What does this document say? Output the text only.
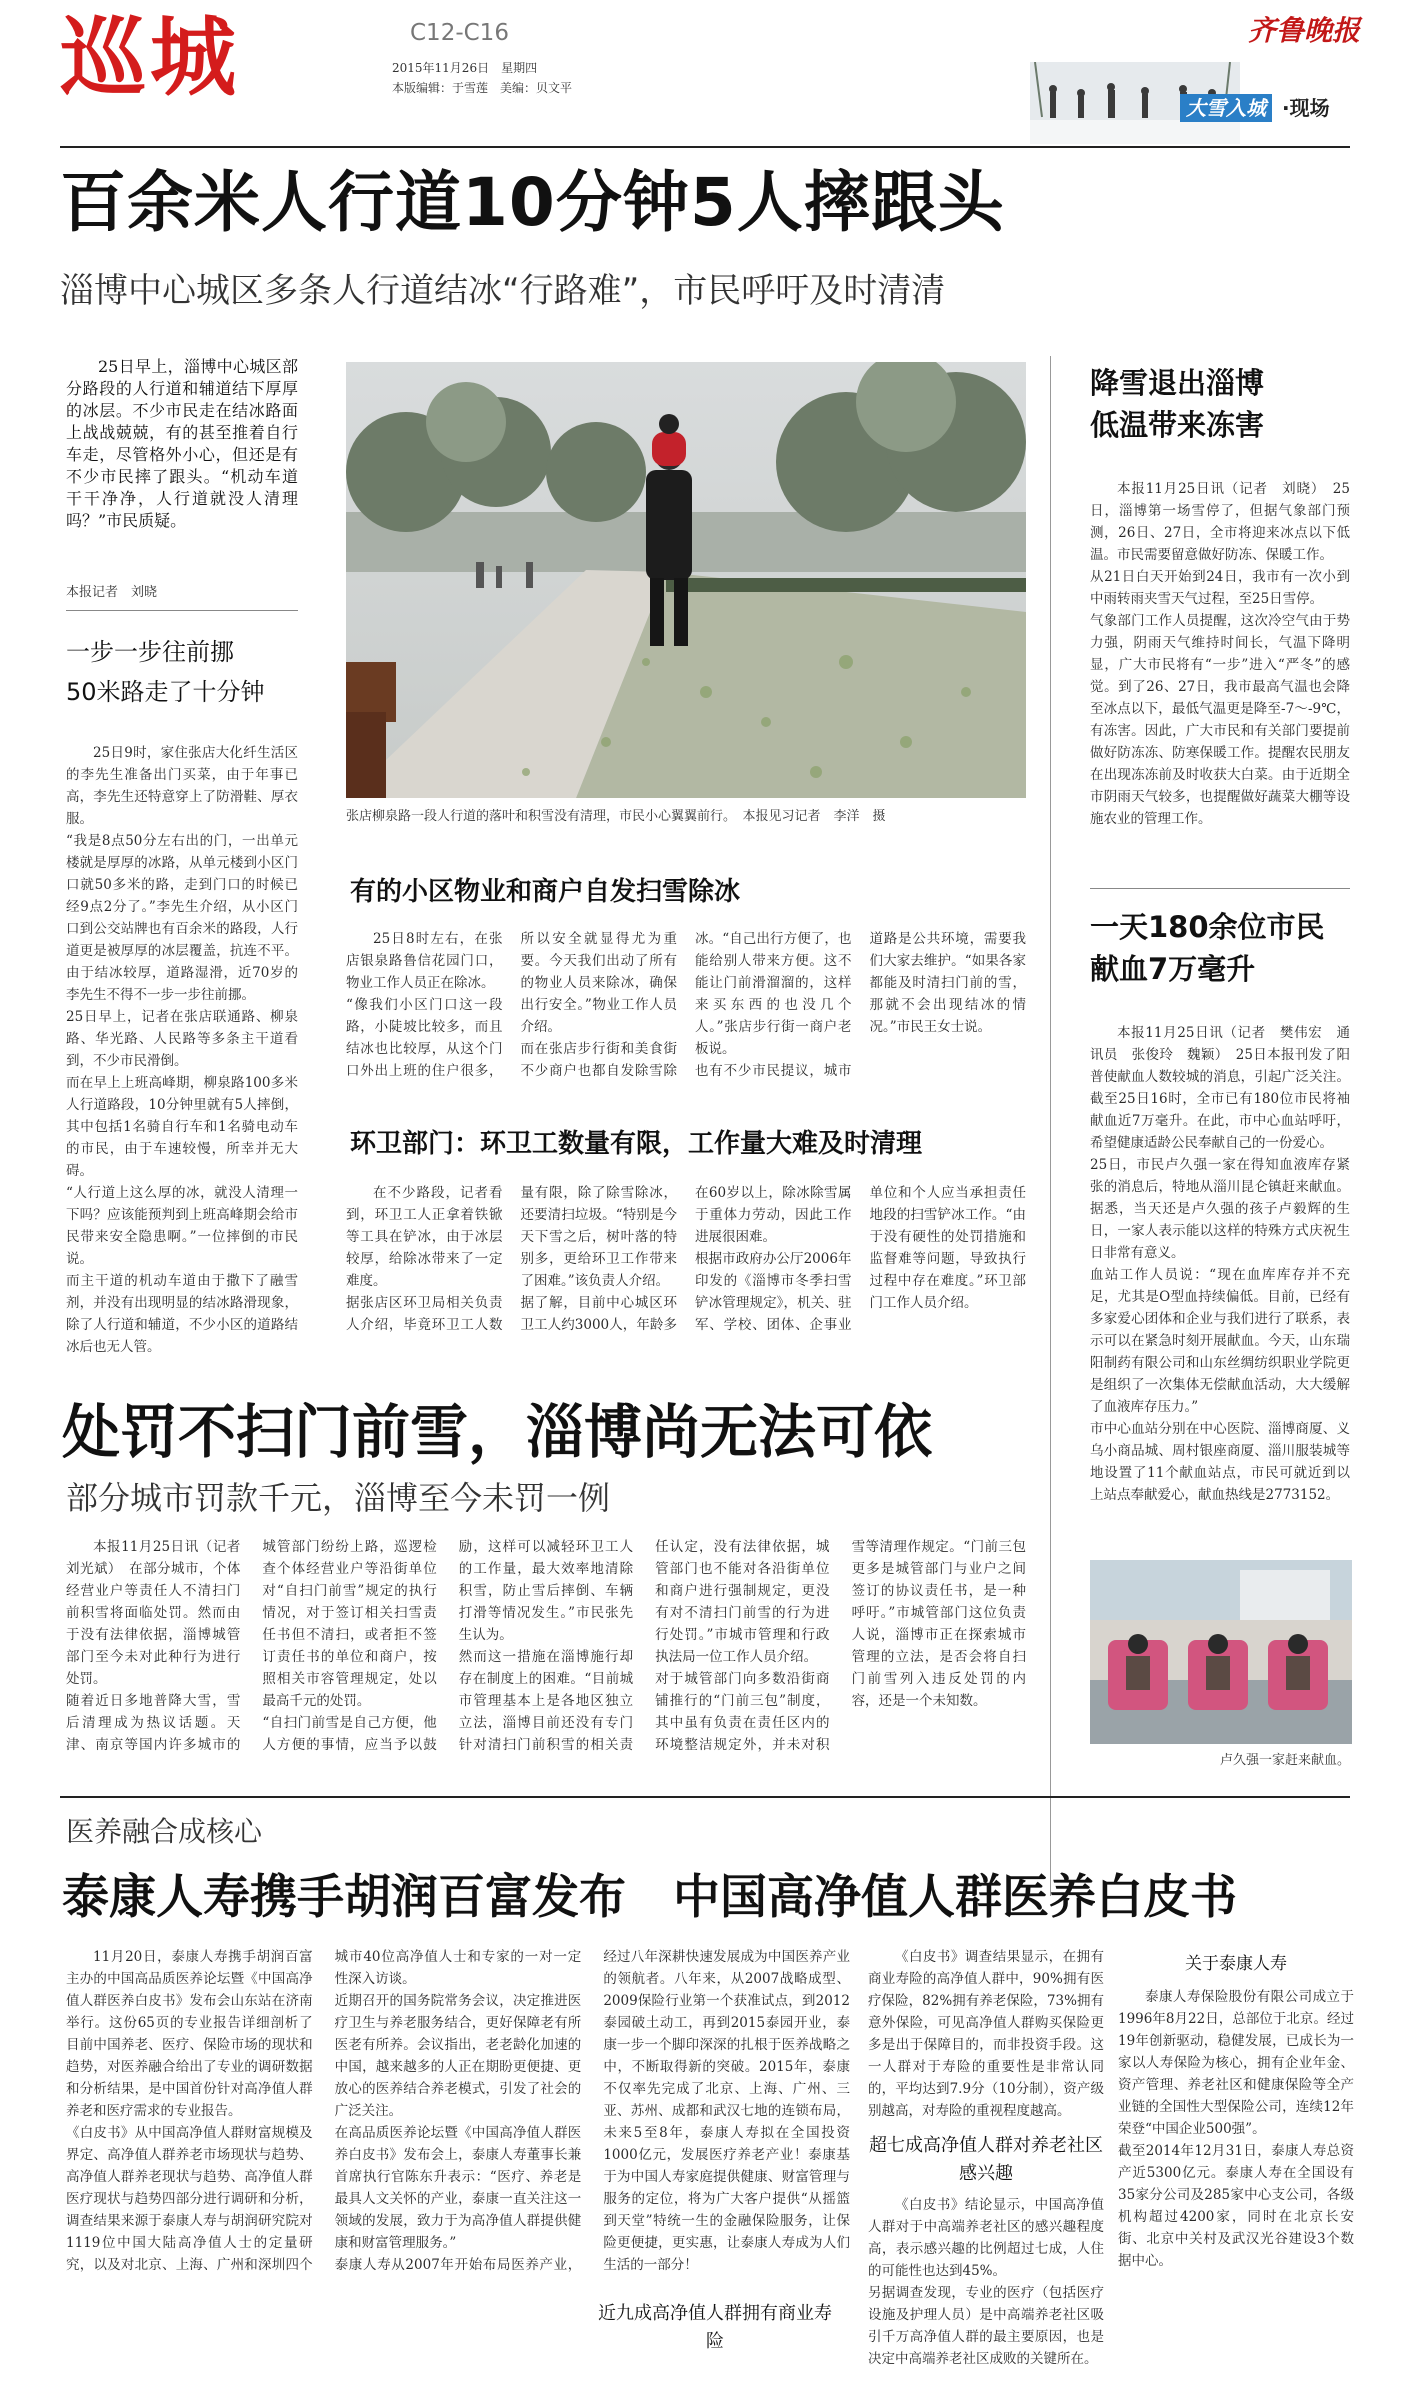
巡城	C12-C16
2015年11月26日　星期四
本版编辑：于雪莲　美编：贝文平
齐鲁晚报
大雪入城 ·现场
百余米人行道10分钟5人摔跟头
淄博中心城区多条人行道结冰“行路难”，市民呼吁及时清清

25日早上，淄博中心城区部分路段的人行道和辅道结下厚厚的冰层。不少市民走在结冰路面上战战兢兢，有的甚至推着自行车走，尽管格外小心，但还是有不少市民摔了跟头。“机动车道干干净净，人行道就没人清理吗？”市民质疑。

本报记者　刘晓
一步一步往前挪
50米路走了十分钟

25日9时，家住张店大化纤生活区的李先生准备出门买菜，由于年事已高，李先生还特意穿上了防滑鞋、厚衣服。
“我是8点50分左右出的门，一出单元楼就是厚厚的冰路，从单元楼到小区门口就50多米的路，走到门口的时候已经9点2分了。”李先生介绍，从小区门口到公交站牌也有百余米的路段，人行道更是被厚厚的冰层覆盖，抗连不平。由于结冰较厚，道路湿滑，近70岁的李先生不得不一步一步往前挪。
25日早上，记者在张店联通路、柳泉路、华光路、人民路等多条主干道看到，不少市民滑倒。
而在早上上班高峰期，柳泉路100多米人行道路段，10分钟里就有5人摔倒，其中包括1名骑自行车和1名骑电动车的市民，由于车速较慢，所幸并无大碍。
“人行道上这么厚的冰，就没人清理一下吗？应该能预判到上班高峰期会给市民带来安全隐患啊。”一位摔倒的市民说。
而主干道的机动车道由于撒下了融雪剂，并没有出现明显的结冰路滑现象，除了人行道和辅道，不少小区的道路结冰后也无人管。

张店柳泉路一段人行道的落叶和积雪没有清理，市民小心翼翼前行。　本报见习记者　李洋　摄
有的小区物业和商户自发扫雪除冰

25日8时左右，在张店银泉路鲁信花园门口，物业工作人员正在除冰。
“像我们小区门口这一段路，小陡坡比较多，而且结冰也比较厚，从这个门口外出上班的住户很多，所以安全就显得尤为重要。今天我们出动了所有的物业人员来除冰，确保出行安全。”物业工作人员介绍。
而在张店步行街和美食街不少商户也都自发除雪除冰。“自己出行方便了，也能给别人带来方便。这不能让门前滑溜溜的，这样来买东西的也没几个人。”张店步行街一商户老板说。
也有不少市民提议，城市道路是公共环境，需要我们大家去维护。“如果各家都能及时清扫门前的雪，那就不会出现结冰的情况。”市民王女士说。

环卫部门：环卫工数量有限，工作量大难及时清理

在不少路段，记者看到，环卫工人正拿着铁锨等工具在铲冰，由于冰层较厚，给除冰带来了一定难度。
据张店区环卫局相关负责人介绍，毕竟环卫工人数量有限，除了除雪除冰，还要清扫垃圾。“特别是今天下雪之后，树叶落的特别多，更给环卫工作带来了困难。”该负责人介绍。
据了解，目前中心城区环卫工人约3000人，年龄多在60岁以上，除冰除雪属于重体力劳动，因此工作进展很困难。
根据市政府办公厅2006年印发的《淄博市冬季扫雪铲冰管理规定》，机关、驻军、学校、团体、企事业单位和个人应当承担责任地段的扫雪铲冰工作。“由于没有硬性的处罚措施和监督难等问题，导致执行过程中存在难度。”环卫部门工作人员介绍。

处罚不扫门前雪，淄博尚无法可依
部分城市罚款千元，淄博至今未罚一例

本报11月25日讯（记者　刘光斌）　在部分城市，个体经营业户等责任人不清扫门前积雪将面临处罚。然而由于没有法律依据，淄博城管部门至今未对此种行为进行处罚。
随着近日多地普降大雪，雪后清理成为热议话题。天津、南京等国内许多城市的城管部门纷纷上路，巡逻检查个体经营业户等沿街单位对“自扫门前雪”规定的执行情况，对于签订相关扫雪责任书但不清扫，或者拒不签订责任书的单位和商户，按照相关市容管理规定，处以最高千元的处罚。
“自扫门前雪是自己方便，他人方便的事情，应当予以鼓励，这样可以减轻环卫工人的工作量，最大效率地清除积雪，防止雪后摔倒、车辆打滑等情况发生。”市民张先生认为。
然而这一措施在淄博施行却存在制度上的困难。“目前城市管理基本上是各地区独立立法，淄博目前还没有专门针对清扫门前积雪的相关责任认定，没有法律依据，城管部门也不能对各沿街单位和商户进行强制规定，更没有对不清扫门前雪的行为进行处罚。”市城市管理和行政执法局一位工作人员介绍。
对于城管部门向多数沿街商铺推行的“门前三包”制度，其中虽有负责在责任区内的环境整洁规定外，并未对积雪等清理作规定。“门前三包更多是城管部门与业户之间签订的协议责任书，是一种呼吁。”市城管部门这位负责人说，淄博市正在探索城市管理的立法，是否会将自扫门前雪列入违反处罚的内容，还是一个未知数。

降雪退出淄博
低温带来冻害

本报11月25日讯（记者　刘晓）　25日，淄博第一场雪停了，但据气象部门预测，26日、27日，全市将迎来冰点以下低温。市民需要留意做好防冻、保暖工作。
从21日白天开始到24日，我市有一次小到中雨转雨夹雪天气过程，至25日雪停。
气象部门工作人员提醒，这次冷空气由于势力强，阴雨天气维持时间长，气温下降明显，广大市民将有“一步”进入“严冬”的感觉。到了26、27日，我市最高气温也会降至冰点以下，最低气温更是降至-7～-9℃，有冻害。因此，广大市民和有关部门要提前做好防冻冻、防寒保暖工作。提醒农民朋友在出现冻冻前及时收获大白菜。由于近期全市阴雨天气较多，也提醒做好蔬菜大棚等设施农业的管理工作。

一天180余位市民
献血7万毫升

本报11月25日讯（记者　樊伟宏　通讯员　张俊玲　魏颖）　25日本报刊发了阳普使献血人数较城的消息，引起广泛关注。截至25日16时，全市已有180位市民将袖献血近7万毫升。在此，市中心血站呼吁，希望健康适龄公民奉献自己的一份爱心。
25日，市民卢久强一家在得知血液库存紧张的消息后，特地从淄川昆仑镇赶来献血。据悉，当天还是卢久强的孩子卢毅辉的生日，一家人表示能以这样的特殊方式庆祝生日非常有意义。
血站工作人员说：“现在血库库存并不充足，尤其是O型血持续偏低。目前，已经有多家爱心团体和企业与我们进行了联系，表示可以在紧急时刻开展献血。今天，山东瑞阳制药有限公司和山东丝绸纺织职业学院更是组织了一次集体无偿献血活动，大大缓解了血液库存压力。”
市中心血站分别在中心医院、淄博商厦、义乌小商品城、周村银座商厦、淄川服装城等地设置了11个献血站点，市民可就近到以上站点奉献爱心，献血热线是2773152。

卢久强一家赶来献血。
医养融合成核心
泰康人寿携手胡润百富发布　中国高净值人群医养白皮书

11月20日，泰康人寿携手胡润百富主办的中国高品质医养论坛暨《中国高净值人群医养白皮书》发布会山东站在济南举行。这份65页的专业报告详细剖析了目前中国养老、医疗、保险市场的现状和趋势，对医养融合给出了专业的调研数据和分析结果，是中国首份针对高净值人群养老和医疗需求的专业报告。
《白皮书》从中国高净值人群财富规模及界定、高净值人群养老市场现状与趋势、高净值人群养老现状与趋势、高净值人群医疗现状与趋势四部分进行调研和分析，调查结果来源于泰康人寿与胡润研究院对1119位中国大陆高净值人士的定量研究，以及对北京、上海、广州和深圳四个城市40位高净值人士和专家的一对一定性深入访谈。
近期召开的国务院常务会议，决定推进医疗卫生与养老服务结合，更好保障老有所医老有所养。会议指出，老老龄化加速的中国，越来越多的人正在期盼更便捷、更放心的医养结合养老模式，引发了社会的广泛关注。
在高品质医养论坛暨《中国高净值人群医养白皮书》发布会上，泰康人寿董事长兼首席执行官陈东升表示：“医疗、养老是最具人文关怀的产业，泰康一直关注这一领域的发展，致力于为高净值人群提供健康和财富管理服务。”
泰康人寿从2007年开始布局医养产业，经过八年深耕快速发展成为中国医养产业的领航者。八年来，从2007战略成型、2009保险行业第一个获准试点，到2012泰园破土动工，再到2015泰园开业，泰康一步一个脚印深深的扎根于医养战略之中，不断取得新的突破。2015年，泰康不仅率先完成了北京、上海、广州、三亚、苏州、成都和武汉七地的连锁布局，未来5至8年，泰康人寿拟在全国投资1000亿元，发展医疗养老产业！泰康基于为中国人寿家庭提供健康、财富管理与服务的定位，将为广大客户提供“从摇篮到天堂”特统一生的金融保险服务，让保险更便捷，更实惠，让泰康人寿成为人们生活的一部分！

《白皮书》调查结果显示，在拥有商业寿险的高净值人群中，90%拥有医疗保险，82%拥有养老保险，73%拥有意外保险，可见高净值人群购买保险更多是出于保障目的，而非投资手段。这一人群对于寿险的重要性是非常认同的，平均达到7.9分（10分制），资产级别越高，对寿险的重视程度越高。

超七成高净值人群对养老社区感兴趣

《白皮书》结论显示，中国高净值人群对于中高端养老社区的感兴趣程度高，表示感兴趣的比例超过七成，人住的可能性也达到45%。
另据调查发现，专业的医疗（包括医疗设施及护理人员）是中高端养老社区吸引千万高净值人群的最主要原因，也是决定中高端养老社区成败的关键所在。

关于泰康人寿

泰康人寿保险股份有限公司成立于1996年8月22日，总部位于北京。经过19年创新驱动，稳健发展，已成长为一家以人寿保险为核心，拥有企业年金、资产管理、养老社区和健康保险等全产业链的全国性大型保险公司，连续12年荣登“中国企业500强”。
截至2014年12月31日，泰康人寿总资产近5300亿元。泰康人寿在全国设有35家分公司及285家中心支公司，各级机构超过4200家，同时在北京长安街、北京中关村及武汉光谷建设3个数据中心。

近九成高净值人群拥有商业寿险
